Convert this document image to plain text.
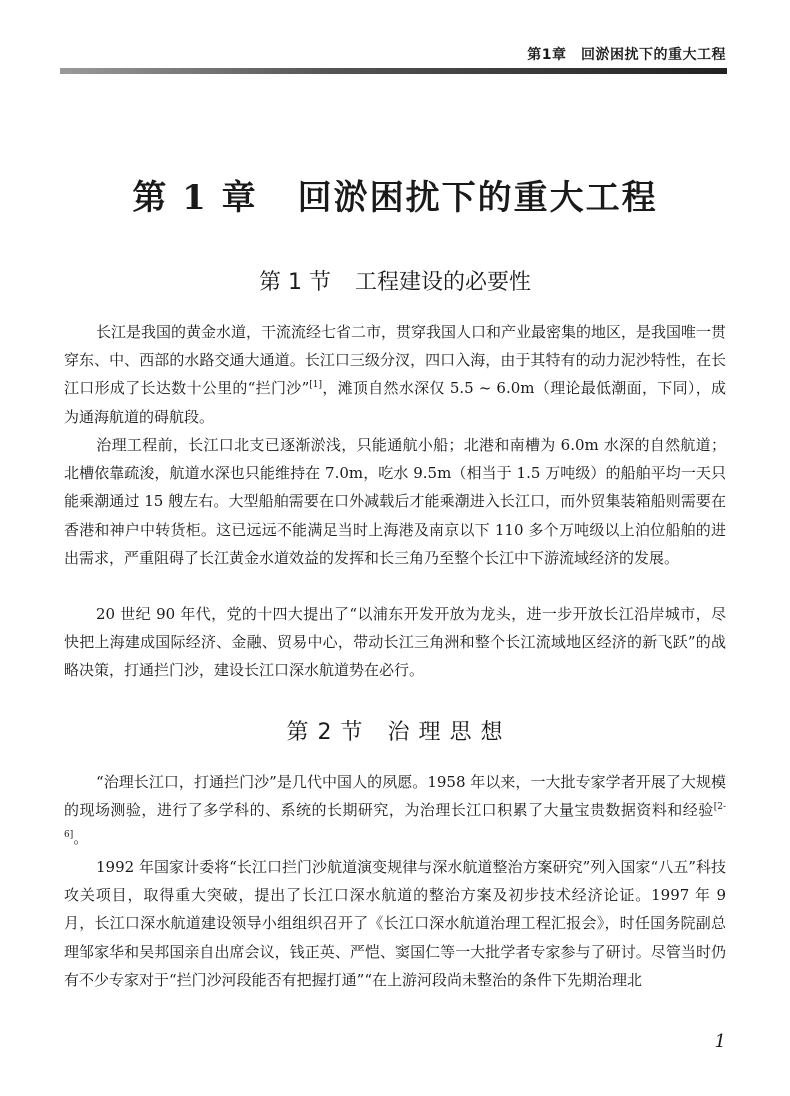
第1章　回淤困扰下的重大工程
第 1 章 回淤困扰下的重大工程
第 1 节 工程建设的必要性

长江是我国的黄金水道，干流流经七省二市，贯穿我国人口和产业最密集的地区，是我国唯一贯穿东、中、西部的水路交通大通道。长江口三级分汊，四口入海，由于其特有的动力泥沙特性，在长江口形成了长达数十公里的“拦门沙”[1]，滩顶自然水深仅 5.5 ~ 6.0m（理论最低潮面，下同），成为通海航道的碍航段。

治理工程前，长江口北支已逐渐淤浅，只能通航小船；北港和南槽为 6.0m 水深的自然航道；北槽依靠疏浚，航道水深也只能维持在 7.0m，吃水 9.5m（相当于 1.5 万吨级）的船舶平均一天只能乘潮通过 15 艘左右。大型船舶需要在口外减载后才能乘潮进入长江口，而外贸集装箱船则需要在香港和神户中转货柜。这已远远不能满足当时上海港及南京以下 110 多个万吨级以上泊位船舶的进出需求，严重阻碍了长江黄金水道效益的发挥和长三角乃至整个长江中下游流域经济的发展。

20 世纪 90 年代，党的十四大提出了“以浦东开发开放为龙头，进一步开放长江沿岸城市，尽快把上海建成国际经济、金融、贸易中心，带动长江三角洲和整个长江流域地区经济的新飞跃”的战略决策，打通拦门沙，建设长江口深水航道势在必行。

第 2 节 治 理 思 想

“治理长江口，打通拦门沙”是几代中国人的夙愿。1958 年以来，一大批专家学者开展了大规模的现场测验，进行了多学科的、系统的长期研究，为治理长江口积累了大量宝贵数据资料和经验[2-6]。

1992 年国家计委将“长江口拦门沙航道演变规律与深水航道整治方案研究”列入国家“八五”科技攻关项目，取得重大突破，提出了长江口深水航道的整治方案及初步技术经济论证。1997 年 9 月，长江口深水航道建设领导小组组织召开了《长江口深水航道治理工程汇报会》，时任国务院副总理邹家华和吴邦国亲自出席会议，钱正英、严恺、窦国仁等一大批学者专家参与了研讨。尽管当时仍有不少专家对于“拦门沙河段能否有把握打通”“在上游河段尚未整治的条件下先期治理北

1
